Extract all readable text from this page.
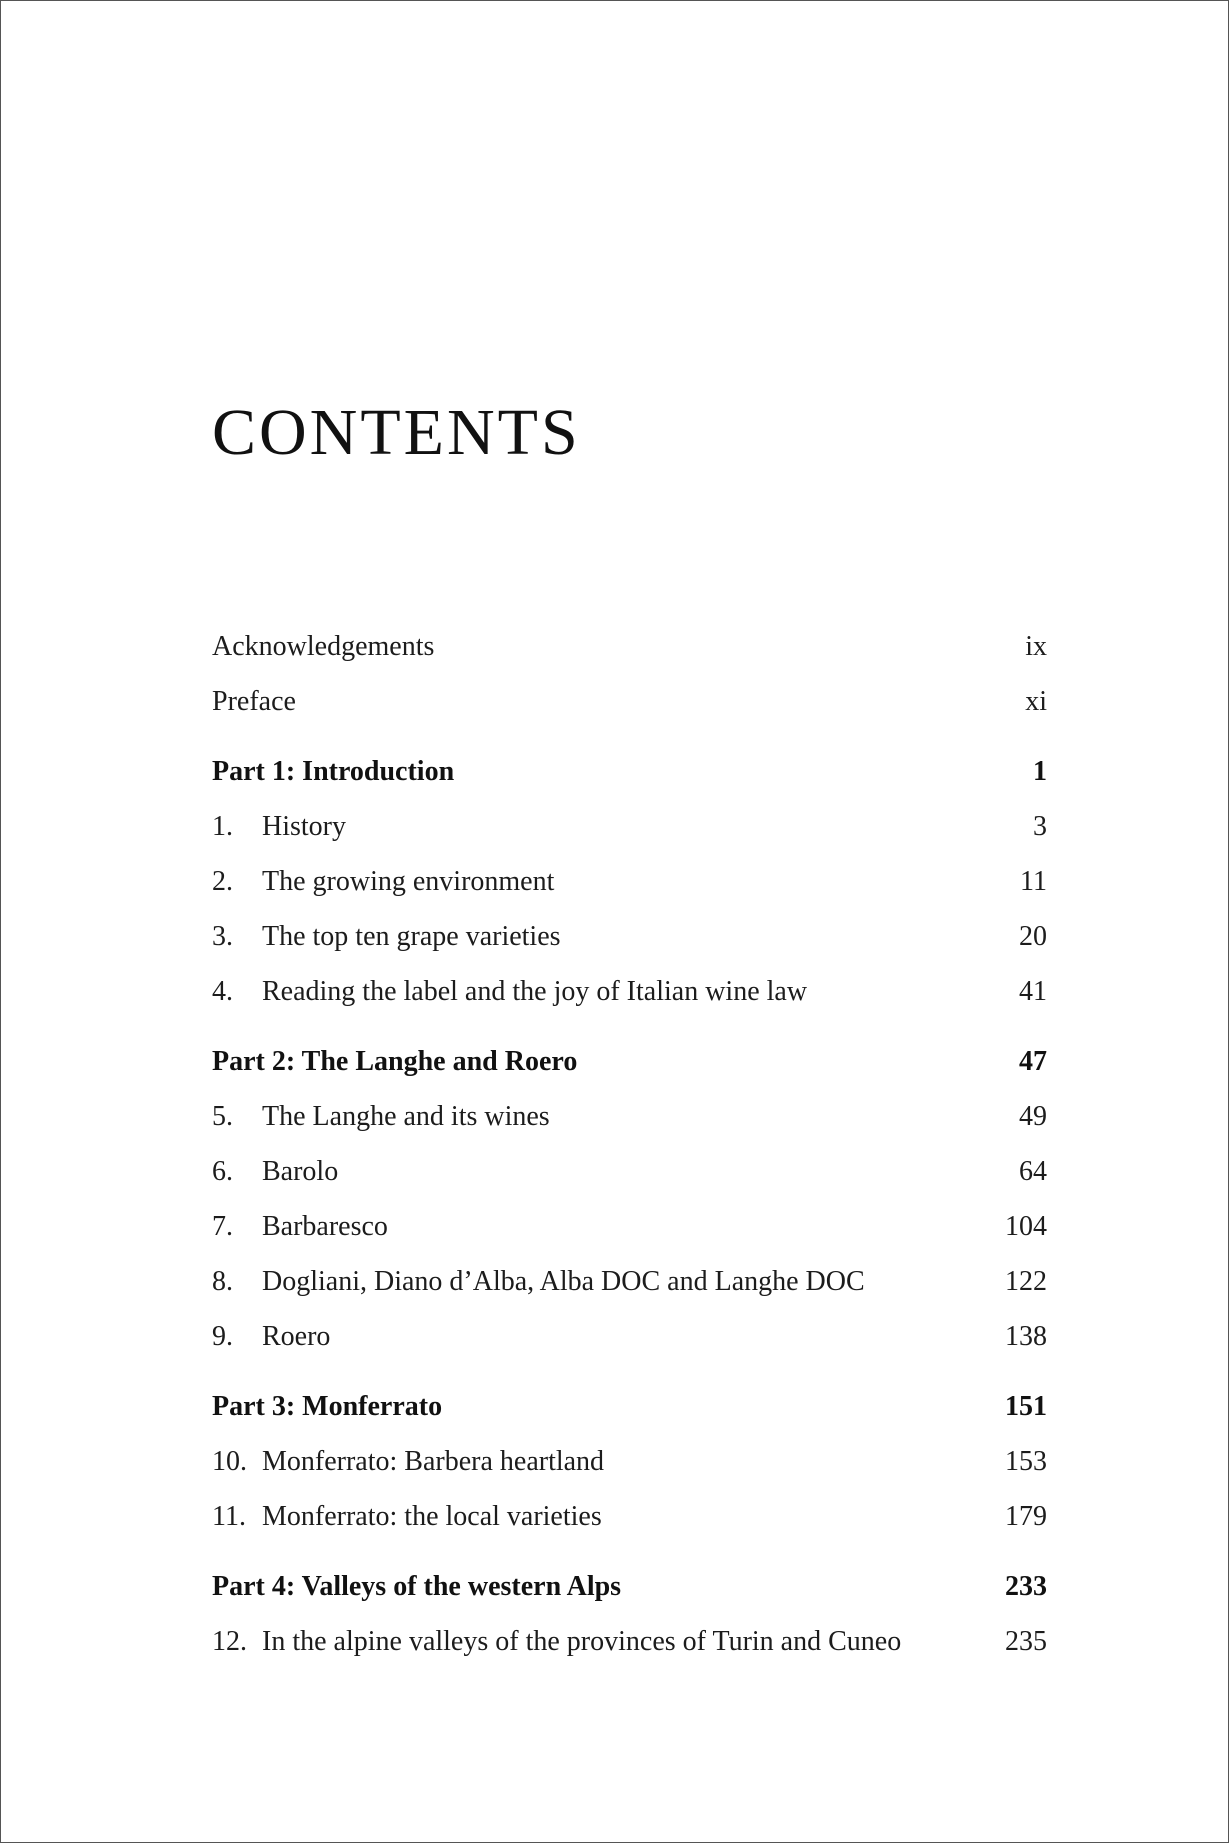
CONTENTS
Acknowledgements	ix
Preface	xi
Part 1: Introduction	1
1. History	3
2. The growing environment	11
3. The top ten grape varieties	20
4. Reading the label and the joy of Italian wine law	41
Part 2: The Langhe and Roero	47
5. The Langhe and its wines	49
6. Barolo	64
7. Barbaresco	104
8. Dogliani, Diano d’Alba, Alba DOC and Langhe DOC	122
9. Roero	138
Part 3: Monferrato	151
10. Monferrato: Barbera heartland	153
11. Monferrato: the local varieties	179
Part 4: Valleys of the western Alps	233
12. In the alpine valleys of the provinces of Turin and Cuneo	235
